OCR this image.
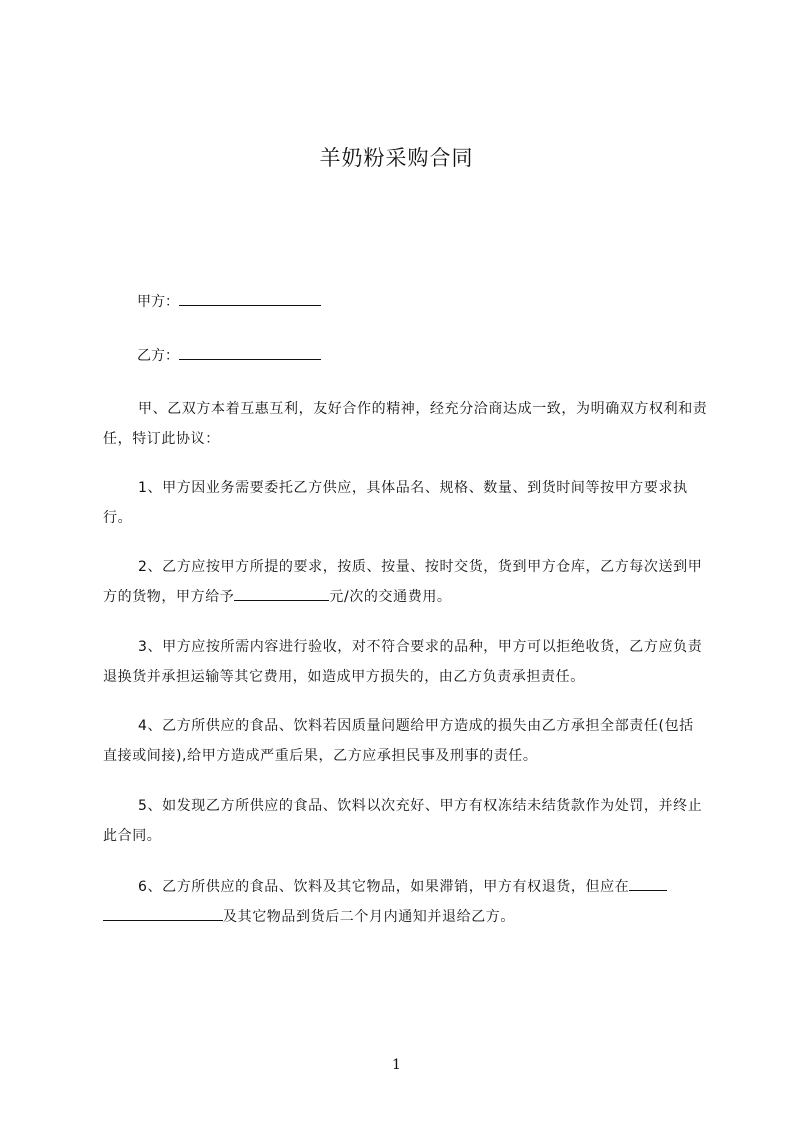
羊奶粉采购合同
甲方：
乙方：
甲、乙双方本着互惠互利，友好合作的精神，经充分洽商达成一致，为明确双方权利和责任，特订此协议：
1、甲方因业务需要委托乙方供应，具体品名、规格、数量、到货时间等按甲方要求执行。
2、乙方应按甲方所提的要求，按质、按量、按时交货，货到甲方仓库，乙方每次送到甲方的货物，甲方给予	元/次的交通费用。
3、甲方应按所需内容进行验收，对不符合要求的品种，甲方可以拒绝收货，乙方应负责退换货并承担运输等其它费用，如造成甲方损失的，由乙方负责承担责任。
4、乙方所供应的食品、饮料若因质量问题给甲方造成的损失由乙方承担全部责任(包括直接或间接),给甲方造成严重后果，乙方应承担民事及刑事的责任。
5、如发现乙方所供应的食品、饮料以次充好、甲方有权冻结未结货款作为处罚，并终止此合同。
6、乙方所供应的食品、饮料及其它物品，如果滞销，甲方有权退货，但应在及其它物品到货后二个月内通知并退给乙方。
1
